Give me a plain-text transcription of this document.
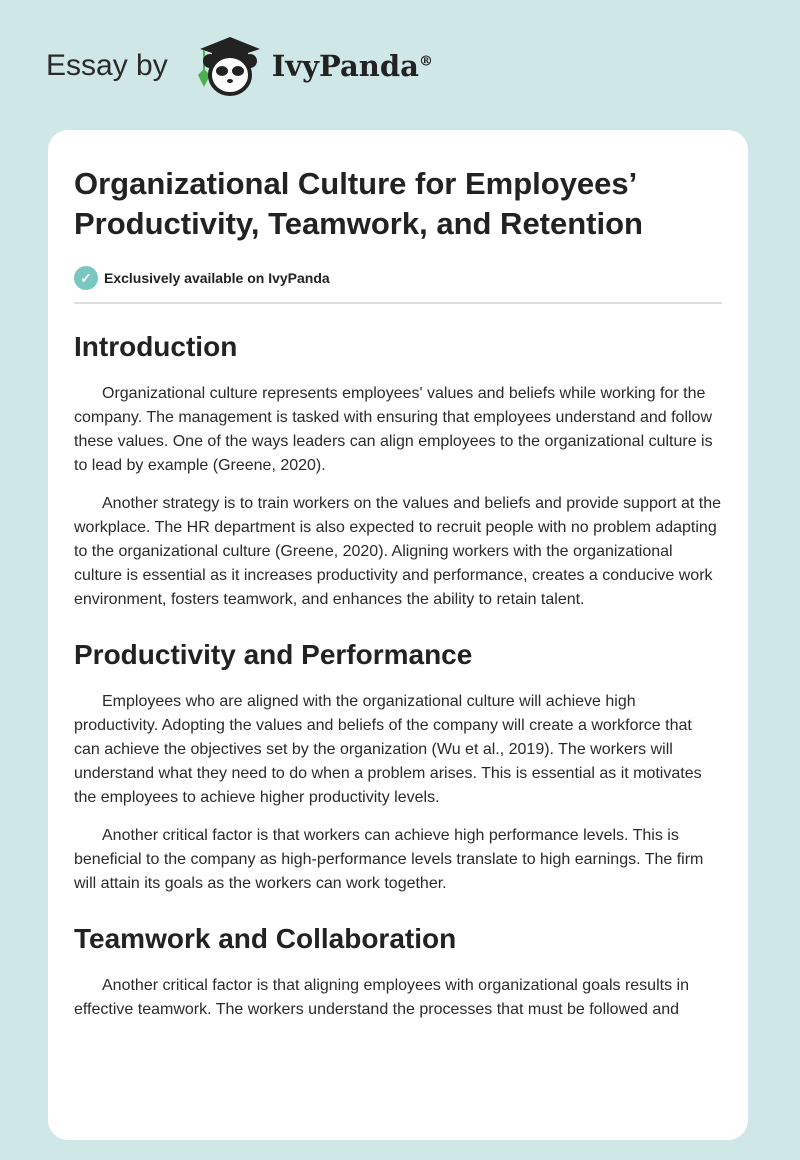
Essay by	IvyPanda®
Organizational Culture for Employees’ Productivity, Teamwork, and Retention
✓ Exclusively available on IvyPanda
Introduction

Organizational culture represents employees' values and beliefs while working for the company. The management is tasked with ensuring that employees understand and follow these values. One of the ways leaders can align employees to the organizational culture is to lead by example (Greene, 2020).

Another strategy is to train workers on the values and beliefs and provide support at the workplace. The HR department is also expected to recruit people with no problem adapting to the organizational culture (Greene, 2020). Aligning workers with the organizational culture is essential as it increases productivity and performance, creates a conducive work environment, fosters teamwork, and enhances the ability to retain talent.

Productivity and Performance

Employees who are aligned with the organizational culture will achieve high productivity. Adopting the values and beliefs of the company will create a workforce that can achieve the objectives set by the organization (Wu et al., 2019). The workers will understand what they need to do when a problem arises. This is essential as it motivates the employees to achieve higher productivity levels.

Another critical factor is that workers can achieve high performance levels. This is beneficial to the company as high-performance levels translate to high earnings. The firm will attain its goals as the workers can work together.

Teamwork and Collaboration

Another critical factor is that aligning employees with organizational goals results in effective teamwork. The workers understand the processes that must be followed and
